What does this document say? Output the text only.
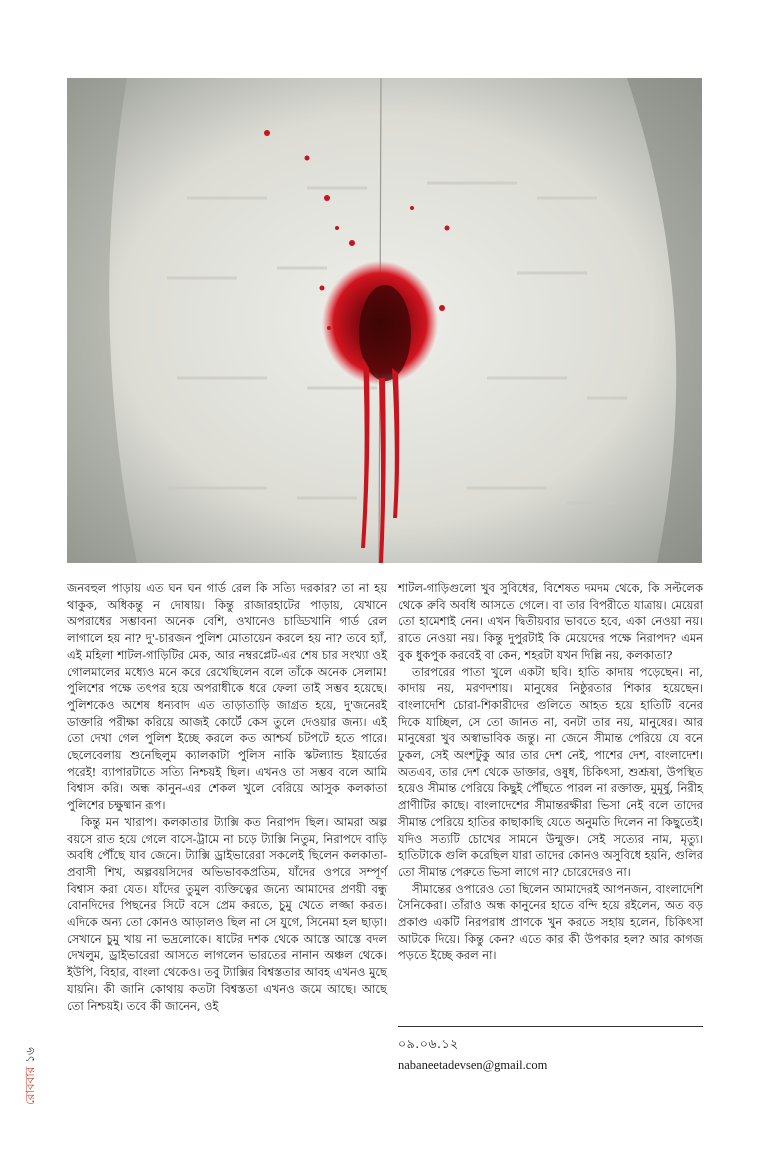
জনবহুল পাড়ায় এত ঘন ঘন গার্ড রেল কি সত্যি দরকার? তা না হয় থাকুক, অধিকন্তু ন দোষায়। কিন্তু রাজারহাটের পাড়ায়, যেখানে অপরাধের সম্ভাবনা অনেক বেশি, ওখানেও চাড্ডিখানি গার্ড রেল লাগালে হয় না? দু'-চারজন পুলিশ মোতায়েন করলে হয় না? তবে হ্যাঁ, এই মহিলা শাটল-গাড়িটির মেক, আর নম্বরপ্লেট-এর শেষ চার সংখ্যা ওই গোলমালের মধ্যেও মনে করে রেখেছিলেন বলে তাঁকে অনেক সেলাম! পুলিশের পক্ষে তৎপর হয়ে অপরাধীকে ধরে ফেলা তাই সম্ভব হয়েছে। পুলিশকেও অশেষ ধন্যবাদ এত তাড়াতাড়ি জাগ্রত হয়ে, দু'জনেরই ডাক্তারি পরীক্ষা করিয়ে আজই কোর্টে কেস তুলে দেওয়ার জন্য। এই তো দেখা গেল পুলিশ ইচ্ছে করলে কত আশ্চর্য চটপটে হতে পারে। ছেলেবেলায় শুনেছিলুম ক্যালকাটা পুলিস নাকি স্কটল্যান্ড ইয়ার্ডের পরেই! ব্যাপারটাতে সত্যি নিশ্চয়ই ছিল। এখনও তা সম্ভব বলে আমি বিশ্বাস করি। অন্ধ কানুন-এর শেকল খুলে বেরিয়ে আসুক কলকাতা পুলিশের চক্ষুষ্মান রূপ।

কিন্তু মন খারাপ। কলকাতার ট্যাক্সি কত নিরাপদ ছিল। আমরা অল্প বয়সে রাত হয়ে গেলে বাসে-ট্রামে না চড়ে ট্যাক্সি নিতুম, নিরাপদে বাড়ি অবধি পৌঁছে যাব জেনে। ট্যাক্সি ড্রাইভারেরা সকলেই ছিলেন কলকাতা-প্রবাসী শিখ, অল্পবয়সিদের অভিভাবকপ্রতিম, যাঁদের ওপরে সম্পূর্ণ বিশ্বাস করা যেত। যাঁদের তুমুল ব্যক্তিত্বের জন্যে আমাদের প্রণয়ী বন্ধু বোনদিদের পিছনের সিটে বসে প্রেম করতে, চুমু খেতে লজ্জা করত। এদিকে অন্য তো কোনও আড়ালও ছিল না সে যুগে, সিনেমা হল ছাড়া। সেখানে চুমু খায় না ভদ্রলোকে। ষাটের দশক থেকে আস্তে আস্তে বদল দেখলুম, ড্রাইভারেরা আসতে লাগলেন ভারতের নানান অঞ্চল থেকে। ইউপি, বিহার, বাংলা থেকেও। তবু ট্যাক্সির বিশ্বস্ততার আবহ এখনও মুছে যায়নি। কী জানি কোথায় কতটা বিশ্বস্ততা এখনও জমে আছে। আছে তো নিশ্চয়ই। তবে কী জানেন, ওই

শাটল-গাড়িগুলো খুব সুবিধের, বিশেষত দমদম থেকে, কি সল্টলেক থেকে রুবি অবধি আসতে গেলে। বা তার বিপরীতে যাত্রায়। মেয়েরা তো হামেশাই নেন। এখন দ্বিতীয়বার ভাবতে হবে, একা নেওয়া নয়। রাতে নেওয়া নয়। কিন্তু দুপুরটাই কি মেয়েদের পক্ষে নিরাপদ? এমন বুক ধুকপুক করবেই বা কেন, শহরটা যখন দিল্লি নয়, কলকাতা?

তারপরের পাতা খুলে একটা ছবি। হাতি কাদায় পড়েছেন। না, কাদায় নয়, মরণদশায়। মানুষের নিষ্ঠুরতার শিকার হয়েছেন। বাংলাদেশি চোরা-শিকারীদের গুলিতে আহত হয়ে হাতিটি বনের দিকে যাচ্ছিল, সে তো জানত না, বনটা তার নয়, মানুষের। আর মানুষেরা খুব অস্বাভাবিক জন্তু। না জেনে সীমান্ত পেরিয়ে যে বনে ঢুকল, সেই অংশটুকু আর তার দেশ নেই, পাশের দেশ, বাংলাদেশ। অতএব, তার দেশ থেকে ডাক্তার, ওষুধ, চিকিৎসা, শুশ্রূষা, উপস্থিত হয়েও সীমান্ত পেরিয়ে কিছুই পৌঁছতে পারল না রক্তাক্ত, মুমূর্ষু, নিরীহ প্রাণীটির কাছে। বাংলাদেশের সীমান্তরক্ষীরা ভিসা নেই বলে তাদের সীমান্ত পেরিয়ে হাতির কাছাকাছি যেতে অনুমতি দিলেন না কিছুতেই। যদিও সত্যটি চোখের সামনে উন্মুক্ত। সেই সত্যের নাম, মৃত্যু। হাতিটাকে গুলি করেছিল যারা তাদের কোনও অসুবিধে হয়নি, গুলির তো সীমান্ত পেরুতে ভিসা লাগে না? চোরেদেরও না।

সীমান্তের ওপারেও তো ছিলেন আমাদেরই আপনজন, বাংলাদেশি সৈনিকেরা। তাঁরাও অন্ধ কানুনের হাতে বন্দি হয়ে রইলেন, অত বড় প্রকাণ্ড একটি নিরপরাধ প্রাণকে খুন করতে সহায় হলেন, চিকিৎসা আটকে দিয়ে। কিন্তু কেন? এতে কার কী উপকার হল? আর কাগজ পড়তে ইচ্ছে করল না।

০৯.০৬.১২
nabaneetadevsen@gmail.com
রোববার ১৬
